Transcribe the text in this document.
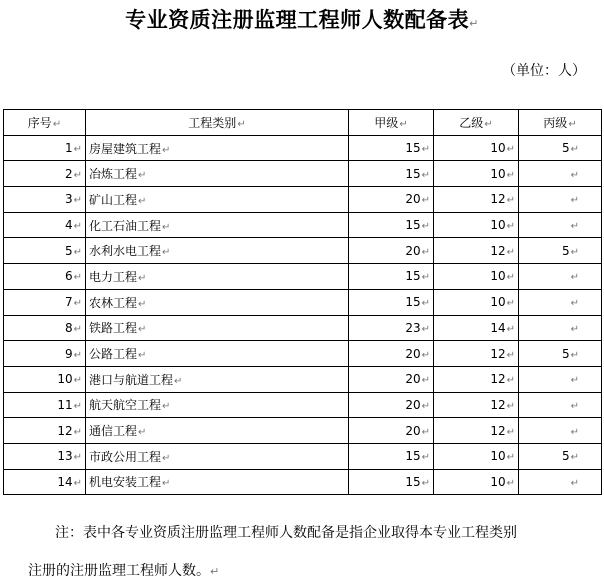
专业资质注册监理工程师人数配备表↵
（单位：人）
序号↵	工程类别↵	甲级↵	乙级↵	丙级↵
1↵	房屋建筑工程↵	15↵	10↵	5↵
2↵	冶炼工程↵	15↵	10↵	↵
3↵	矿山工程↵	20↵	12↵	↵
4↵	化工石油工程↵	15↵	10↵	↵
5↵	水利水电工程↵	20↵	12↵	5↵
6↵	电力工程↵	15↵	10↵	↵
7↵	农林工程↵	15↵	10↵	↵
8↵	铁路工程↵	23↵	14↵	↵
9↵	公路工程↵	20↵	12↵	5↵
10↵	港口与航道工程↵	20↵	12↵	↵
11↵	航天航空工程↵	20↵	12↵	↵
12↵	通信工程↵	20↵	12↵	↵
13↵	市政公用工程↵	15↵	10↵	5↵
14↵	机电安装工程↵	15↵	10↵	↵
注：表中各专业资质注册监理工程师人数配备是指企业取得本专业工程类别
注册的注册监理工程师人数。↵
